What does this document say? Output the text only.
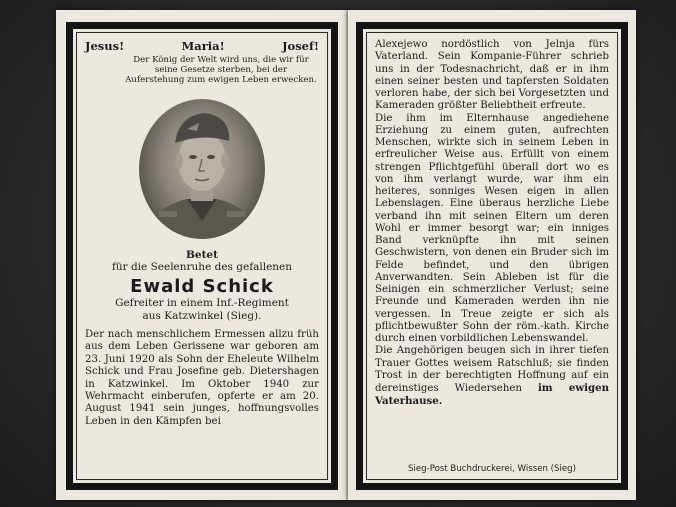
Jesus!	Maria!	Josef!
Der König der Welt wird uns, die wir für seine Gesetze sterben, bei der Auferstehung zum ewigen Leben erwecken.
Betet
für die Seelenruhe des gefallenen
Ewald Schick
Gefreiter in einem Inf.-Regiment
aus Katzwinkel (Sieg).
Der nach menschlichem Ermessen allzu früh aus dem Leben Gerissene war geboren am 23. Juni 1920 als Sohn der Eheleute Wilhelm Schick und Frau Josefine geb. Dietershagen in Katzwinkel. Im Oktober 1940 zur Wehrmacht einberufen, opferte er am 20. August 1941 sein junges, hoffnungsvolles Leben in den Kämpfen bei
Alexejewo nordöstlich von Jelnja fürs Vaterland. Sein Kompanie-Führer schrieb uns in der Todesnachricht, daß er in ihm einen seiner besten und tapfersten Soldaten verloren habe, der sich bei Vorgesetzten und Kameraden größter Beliebtheit erfreute.
Die ihm im Elternhause angediehene Erziehung zu einem guten, aufrechten Menschen, wirkte sich in seinem Leben in erfreulicher Weise aus. Erfüllt von einem strengen Pflichtgefühl überall dort wo es von ihm verlangt wurde, war ihm ein heiteres, sonniges Wesen eigen in allen Lebenslagen. Eine überaus herzliche Liebe verband ihn mit seinen Eltern um deren Wohl er immer besorgt war; ein inniges Band verknüpfte ihn mit seinen Geschwistern, von denen ein Bruder sich im Felde befindet, und den übrigen Anverwandten. Sein Ableben ist für die Seinigen ein schmerzlicher Verlust; seine Freunde und Kameraden werden ihn nie vergessen. In Treue zeigte er sich als pflichtbewußter Sohn der röm.-kath. Kirche durch einen vorbildlichen Lebenswandel.
Die Angehörigen beugen sich in ihrer tiefen Trauer Gottes weisem Ratschluß; sie finden Trost in der berechtigten Hoffnung auf ein dereinstiges Wiedersehen im ewigen Vaterhause.
Sieg-Post Buchdruckerei, Wissen (Sieg)
